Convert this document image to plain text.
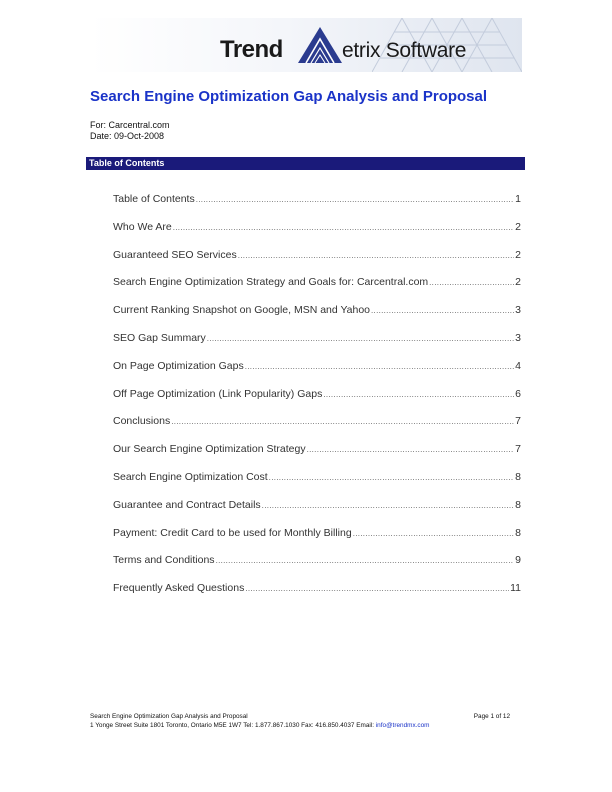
Trend	etrix Software
Search Engine Optimization Gap Analysis and Proposal
For: Carcentral.com
Date: 09-Oct-2008
Table of Contents
Table of Contents .....	1
Who We Are .....	2
Guaranteed SEO Services .....	2
Search Engine Optimization Strategy and Goals for: Carcentral.com .....	2
Current Ranking Snapshot on Google, MSN and Yahoo .....	3
SEO Gap Summary .....	3
On Page Optimization Gaps .....	4
Off Page Optimization (Link Popularity) Gaps .....	6
Conclusions .....	7
Our Search Engine Optimization Strategy .....	7
Search Engine Optimization Cost .....	8
Guarantee and Contract Details .....	8
Payment: Credit Card to be used for Monthly Billing .....	8
Terms and Conditions .....	9
Frequently Asked Questions .....	11
Search Engine Optimization Gap Analysis and Proposal	Page 1 of 12
1 Yonge Street Suite 1801 Toronto, Ontario M5E 1W7 Tel: 1.877.867.1030 Fax: 416.850.4037 Email: info@trendmx.com
